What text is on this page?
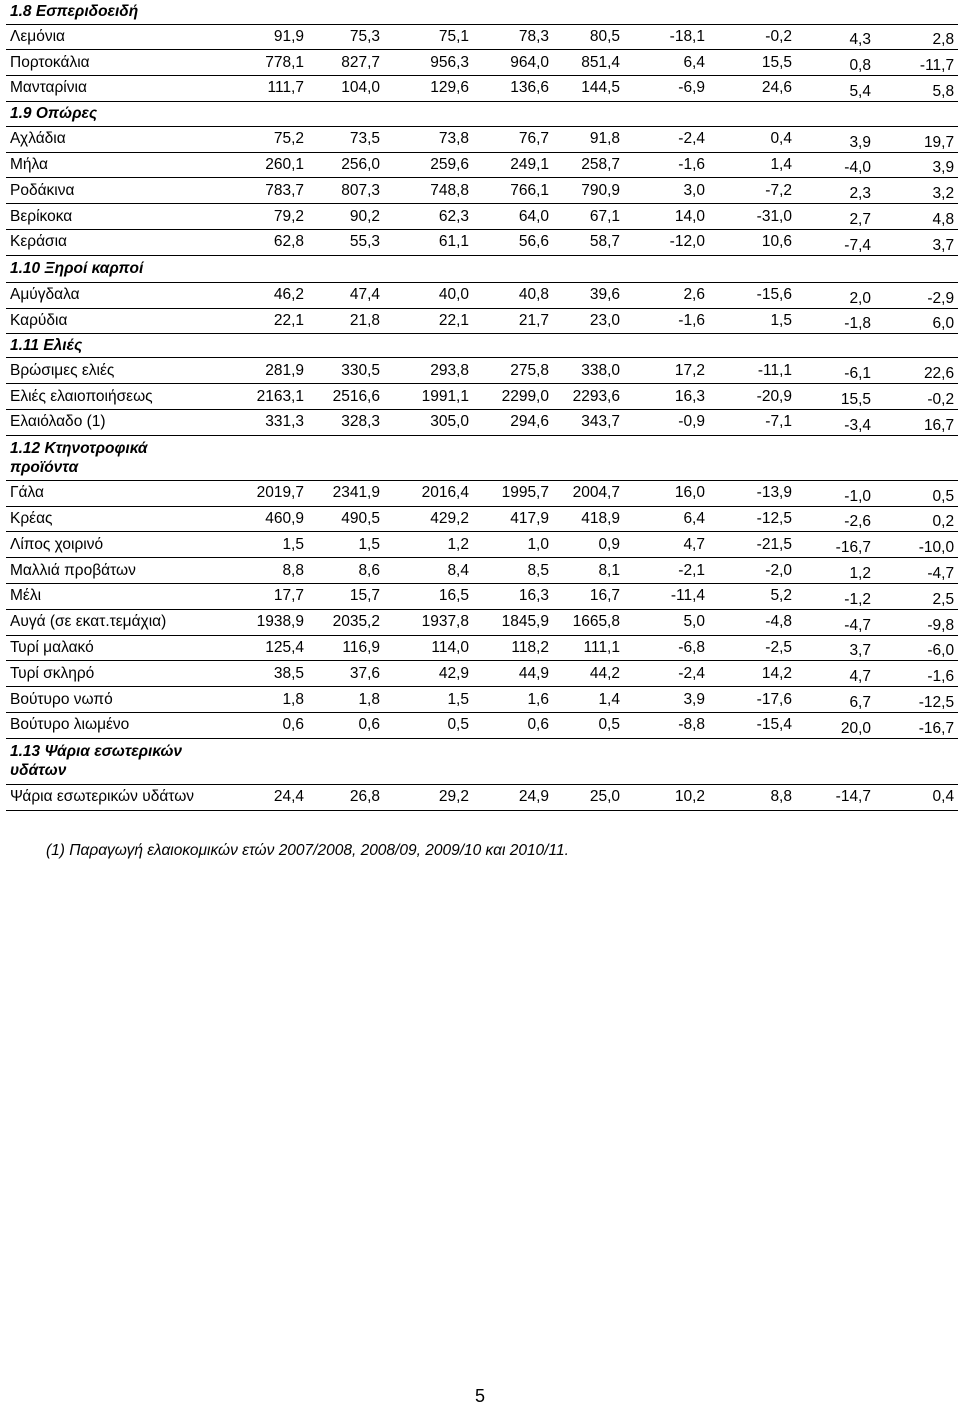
1.8 Εσπεριδοειδή									
Λεμόνια	91,9	75,3	75,1	78,3	80,5	-18,1	-0,2	4,3	2,8
Πορτοκάλια	778,1	827,7	956,3	964,0	851,4	6,4	15,5	0,8	-11,7
Μανταρίνια	111,7	104,0	129,6	136,6	144,5	-6,9	24,6	5,4	5,8
1.9 Οπώρες									
Αχλάδια	75,2	73,5	73,8	76,7	91,8	-2,4	0,4	3,9	19,7
Μήλα	260,1	256,0	259,6	249,1	258,7	-1,6	1,4	-4,0	3,9
Ροδάκινα	783,7	807,3	748,8	766,1	790,9	3,0	-7,2	2,3	3,2
Βερίκοκα	79,2	90,2	62,3	64,0	67,1	14,0	-31,0	2,7	4,8
Κεράσια	62,8	55,3	61,1	56,6	58,7	-12,0	10,6	-7,4	3,7
1.10 Ξηροί καρποί									
Αμύγδαλα	46,2	47,4	40,0	40,8	39,6	2,6	-15,6	2,0	-2,9
Καρύδια	22,1	21,8	22,1	21,7	23,0	-1,6	1,5	-1,8	6,0
1.11 Ελιές									
Βρώσιμες ελιές	281,9	330,5	293,8	275,8	338,0	17,2	-11,1	-6,1	22,6
Ελιές ελαιοποιήσεως	2163,1	2516,6	1991,1	2299,0	2293,6	16,3	-20,9	15,5	-0,2
Ελαιόλαδο (1)	331,3	328,3	305,0	294,6	343,7	-0,9	-7,1	-3,4	16,7
1.12 Κτηνοτροφικά προϊόντα									
Γάλα	2019,7	2341,9	2016,4	1995,7	2004,7	16,0	-13,9	-1,0	0,5
Κρέας	460,9	490,5	429,2	417,9	418,9	6,4	-12,5	-2,6	0,2
Λίπος χοιρινό	1,5	1,5	1,2	1,0	0,9	4,7	-21,5	-16,7	-10,0
Μαλλιά προβάτων	8,8	8,6	8,4	8,5	8,1	-2,1	-2,0	1,2	-4,7
Μέλι	17,7	15,7	16,5	16,3	16,7	-11,4	5,2	-1,2	2,5
Αυγά (σε εκατ.τεμάχια)	1938,9	2035,2	1937,8	1845,9	1665,8	5,0	-4,8	-4,7	-9,8
Τυρί μαλακό	125,4	116,9	114,0	118,2	111,1	-6,8	-2,5	3,7	-6,0
Τυρί σκληρό	38,5	37,6	42,9	44,9	44,2	-2,4	14,2	4,7	-1,6
Βούτυρο νωπό	1,8	1,8	1,5	1,6	1,4	3,9	-17,6	6,7	-12,5
Βούτυρο λιωμένο	0,6	0,6	0,5	0,6	0,5	-8,8	-15,4	20,0	-16,7
1.13 Ψάρια εσωτερικών υδάτων									
Ψάρια εσωτερικών υδάτων	24,4	26,8	29,2	24,9	25,0	10,2	8,8	-14,7	0,4
(1) Παραγωγή ελαιοκομικών ετών 2007/2008, 2008/09, 2009/10 και 2010/11.
5
